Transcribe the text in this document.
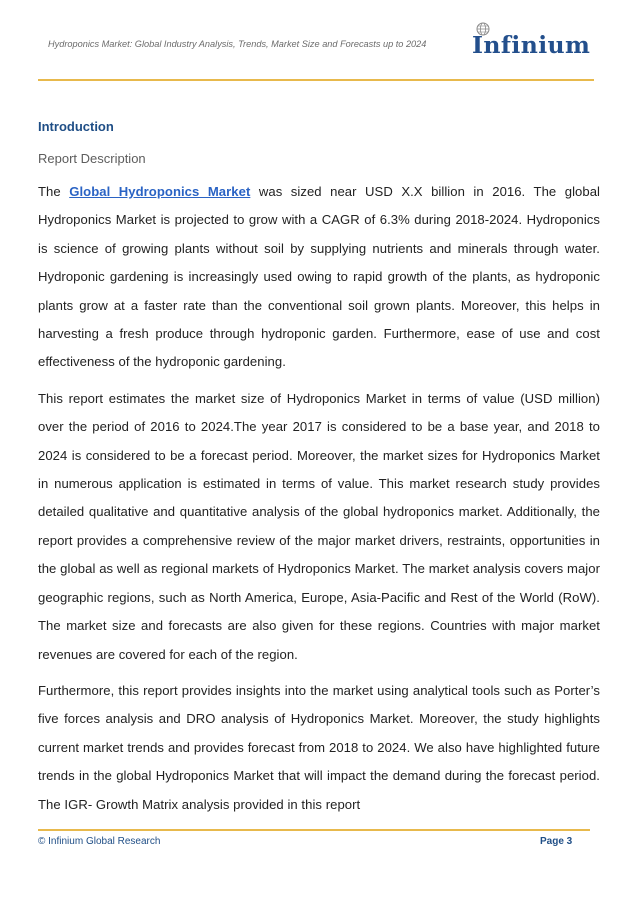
Hydroponics Market: Global Industry Analysis, Trends, Market Size and Forecasts up to 2024	Infinium
Introduction
Report Description

The Global Hydroponics Market was sized near USD X.X billion in 2016. The global Hydroponics Market is projected to grow with a CAGR of 6.3% during 2018-2024. Hydroponics is science of growing plants without soil by supplying nutrients and minerals through water. Hydroponic gardening is increasingly used owing to rapid growth of the plants, as hydroponic plants grow at a faster rate than the conventional soil grown plants. Moreover, this helps in harvesting a fresh produce through hydroponic garden. Furthermore, ease of use and cost effectiveness of the hydroponic gardening.

This report estimates the market size of Hydroponics Market in terms of value (USD million) over the period of 2016 to 2024.The year 2017 is considered to be a base year, and 2018 to 2024 is considered to be a forecast period. Moreover, the market sizes for Hydroponics Market in numerous application is estimated in terms of value. This market research study provides detailed qualitative and quantitative analysis of the global hydroponics market. Additionally, the report provides a comprehensive review of the major market drivers, restraints, opportunities in the global as well as regional markets of Hydroponics Market. The market analysis covers major geographic regions, such as North America, Europe, Asia-Pacific and Rest of the World (RoW). The market size and forecasts are also given for these regions. Countries with major market revenues are covered for each of the region.

Furthermore, this report provides insights into the market using analytical tools such as Porter’s five forces analysis and DRO analysis of Hydroponics Market. Moreover, the study highlights current market trends and provides forecast from 2018 to 2024. We also have highlighted future trends in the global Hydroponics Market that will impact the demand during the forecast period. The IGR- Growth Matrix analysis provided in this report

© Infinium Global Research	Page 3
